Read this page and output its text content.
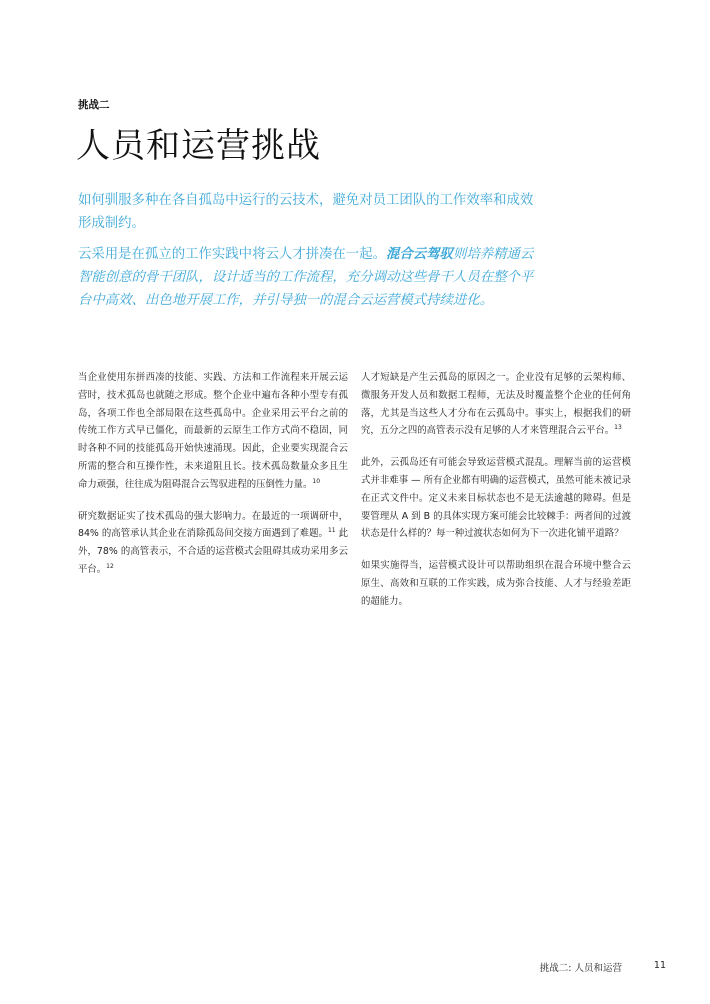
挑战二
人员和运营挑战
如何驯服多种在各自孤岛中运行的云技术，避免对员工团队的工作效率和成效形成制约。
云采用是在孤立的工作实践中将云人才拼凑在一起。混合云驾驭则培养精通云智能创意的骨干团队，设计适当的工作流程，充分调动这些骨干人员在整个平台中高效、出色地开展工作，并引导独一的混合云运营模式持续进化。

当企业使用东拼西凑的技能、实践、方法和工作流程来开展云运营时，技术孤岛也就随之形成。整个企业中遍布各种小型专有孤岛，各项工作也全部局限在这些孤岛中。企业采用云平台之前的传统工作方式早已僵化，而最新的云原生工作方式尚不稳固，同时各种不同的技能孤岛开始快速涌现。因此，企业要实现混合云所需的整合和互操作性，未来道阻且长。技术孤岛数量众多且生命力顽强，往往成为阻碍混合云驾驭进程的压倒性力量。$^{10}$

研究数据证实了技术孤岛的强大影响力。在最近的一项调研中，84% 的高管承认其企业在消除孤岛间交接方面遇到了难题。$^{11}$ 此外，78% 的高管表示，不合适的运营模式会阻碍其成功采用多云平台。$^{12}$

人才短缺是产生云孤岛的原因之一。企业没有足够的云架构师、微服务开发人员和数据工程师，无法及时覆盖整个企业的任何角落，尤其是当这些人才分布在云孤岛中。事实上，根据我们的研究，五分之四的高管表示没有足够的人才来管理混合云平台。$^{13}$

此外，云孤岛还有可能会导致运营模式混乱。理解当前的运营模式并非难事 — 所有企业都有明确的运营模式，虽然可能未被记录在正式文件中。定义未来目标状态也不是无法逾越的障碍。但是要管理从 A 到 B 的具体实现方案可能会比较棘手：两者间的过渡状态是什么样的？每一种过渡状态如何为下一次进化铺平道路？

如果实施得当，运营模式设计可以帮助组织在混合环境中整合云原生、高效和互联的工作实践，成为弥合技能、人才与经验差距的超能力。

挑战二: 人员和运营	11
